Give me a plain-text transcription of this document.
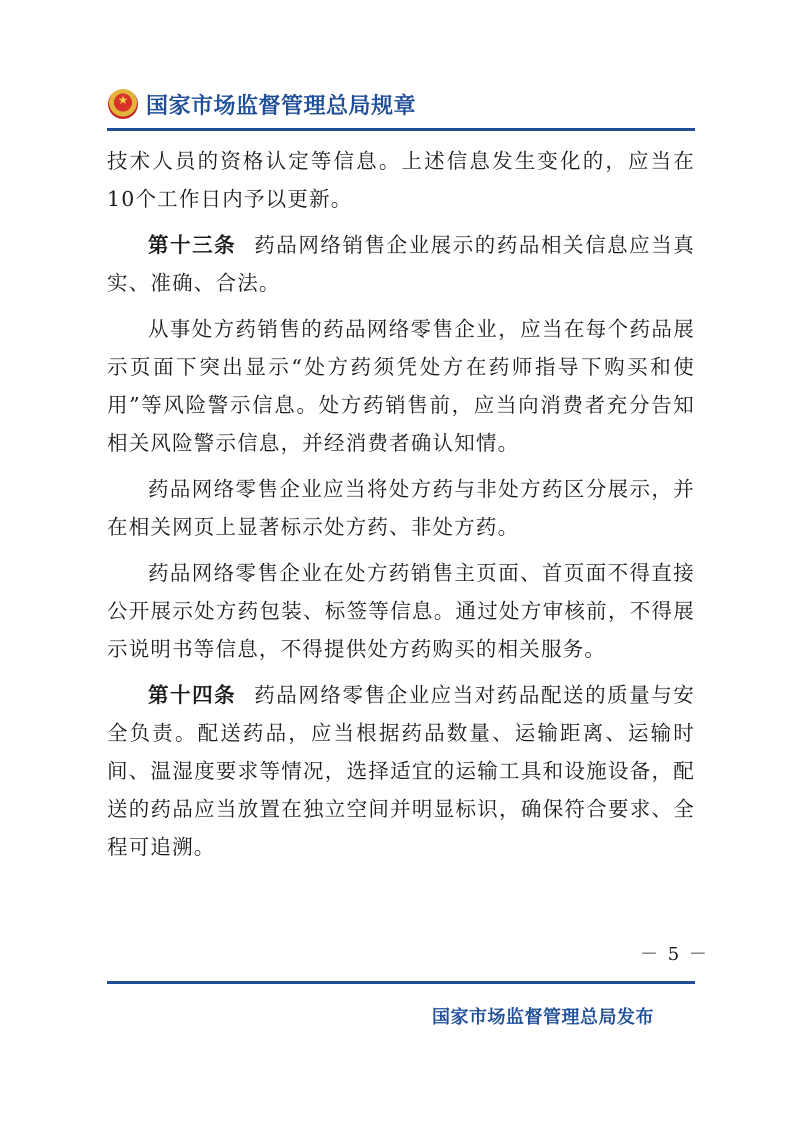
★
国家市场监督管理总局规章

技术人员的资格认定等信息。上述信息发生变化的，应当在10个工作日内予以更新。

第十三条 药品网络销售企业展示的药品相关信息应当真实、准确、合法。

从事处方药销售的药品网络零售企业，应当在每个药品展示页面下突出显示“处方药须凭处方在药师指导下购买和使用”等风险警示信息。处方药销售前，应当向消费者充分告知相关风险警示信息，并经消费者确认知情。

药品网络零售企业应当将处方药与非处方药区分展示，并在相关网页上显著标示处方药、非处方药。

药品网络零售企业在处方药销售主页面、首页面不得直接公开展示处方药包装、标签等信息。通过处方审核前，不得展示说明书等信息，不得提供处方药购买的相关服务。

第十四条 药品网络零售企业应当对药品配送的质量与安全负责。配送药品，应当根据药品数量、运输距离、运输时间、温湿度要求等情况，选择适宜的运输工具和设施设备，配送的药品应当放置在独立空间并明显标识，确保符合要求、全程可追溯。

－ 5 －
国家市场监督管理总局发布
